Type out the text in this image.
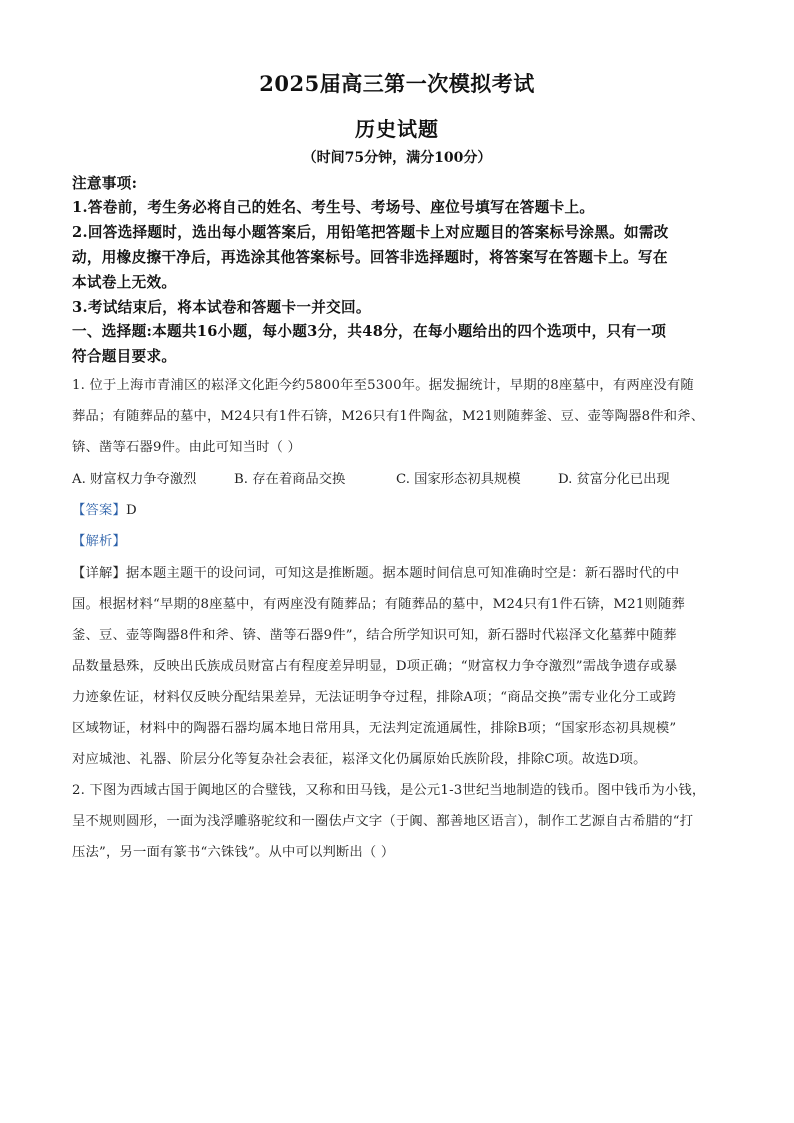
2025届高三第一次模拟考试
历史试题
（时间75分钟，满分100分）
注意事项:
1.答卷前，考生务必将自己的姓名、考生号、考场号、座位号填写在答题卡上。
2.回答选择题时，选出每小题答案后，用铅笔把答题卡上对应题目的答案标号涂黑。如需改
动，用橡皮擦干净后，再选涂其他答案标号。回答非选择题时，将答案写在答题卡上。写在
本试卷上无效。
3.考试结束后，将本试卷和答题卡一并交回。
一、选择题:本题共16小题，每小题3分，共48分，在每小题给出的四个选项中，只有一项
符合题目要求。
1. 位于上海市青浦区的崧泽文化距今约5800年至5300年。据发掘统计，早期的8座墓中，有两座没有随
葬品；有随葬品的墓中，M24只有1件石锛，M26只有1件陶盆，M21则随葬釜、豆、壶等陶器8件和斧、
锛、凿等石器9件。由此可知当时（ ）
A. 财富权力争夺激烈	B. 存在着商品交换	C. 国家形态初具规模	D. 贫富分化已出现
【答案】D
【解析】
【详解】据本题主题干的设问词，可知这是推断题。据本题时间信息可知准确时空是：新石器时代的中
国。根据材料“早期的8座墓中，有两座没有随葬品；有随葬品的墓中，M24只有1件石锛，M21则随葬
釜、豆、壶等陶器8件和斧、锛、凿等石器9件”，结合所学知识可知，新石器时代崧泽文化墓葬中随葬
品数量悬殊，反映出氏族成员财富占有程度差异明显，D项正确；“财富权力争夺激烈”需战争遗存或暴
力迹象佐证，材料仅反映分配结果差异，无法证明争夺过程，排除A项；“商品交换”需专业化分工或跨
区域物证，材料中的陶器石器均属本地日常用具，无法判定流通属性，排除B项；“国家形态初具规模”
对应城池、礼器、阶层分化等复杂社会表征，崧泽文化仍属原始氏族阶段，排除C项。故选D项。
2. 下图为西域古国于阗地区的合璧钱，又称和田马钱，是公元1-3世纪当地制造的钱币。图中钱币为小钱，
呈不规则圆形，一面为浅浮雕骆驼纹和一圈佉卢文字（于阗、鄯善地区语言），制作工艺源自古希腊的“打
压法”，另一面有篆书“六铢钱”。从中可以判断出（ ）
